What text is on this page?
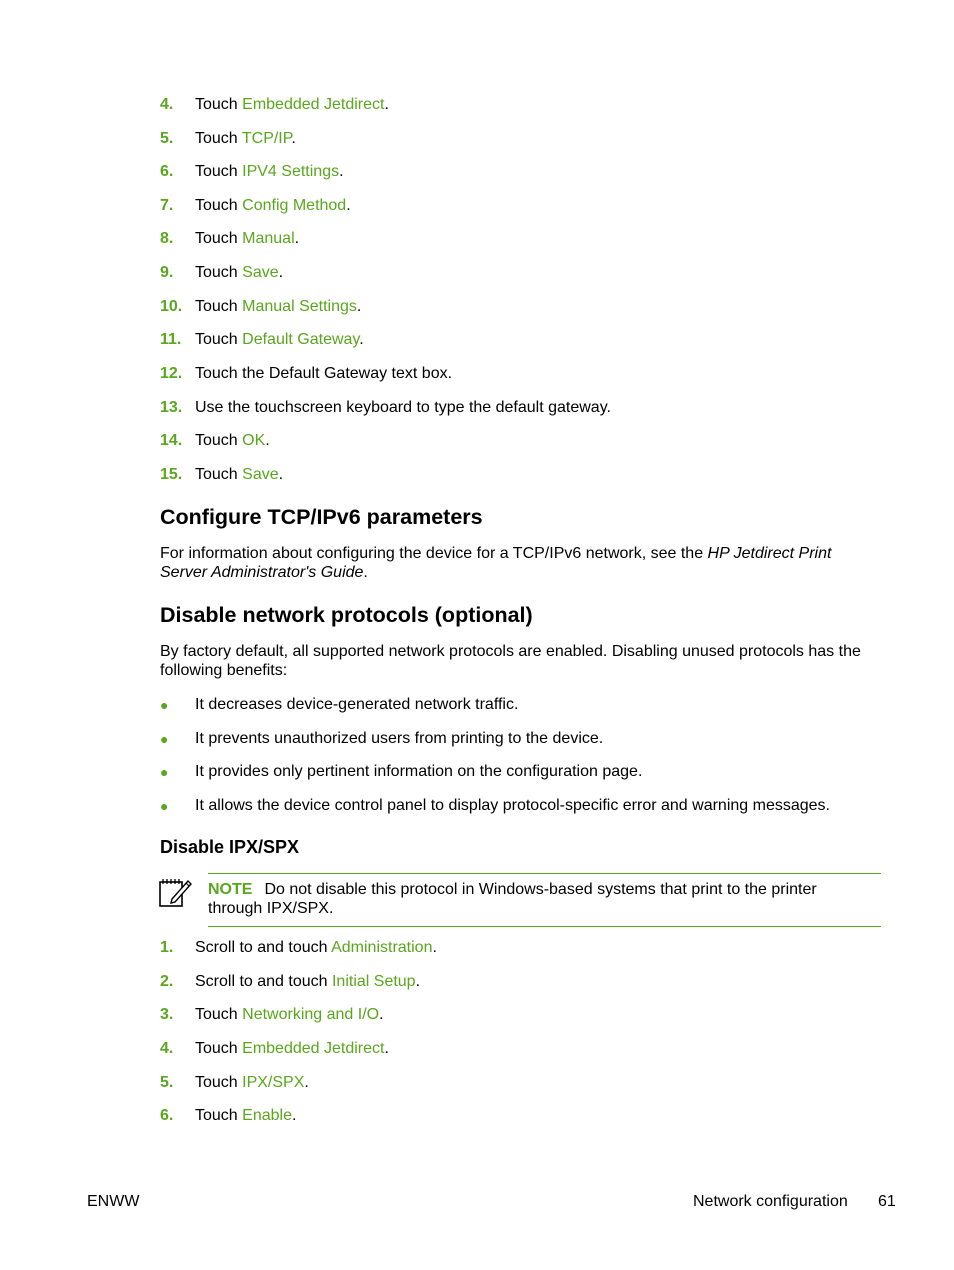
4. Touch Embedded Jetdirect.
5. Touch TCP/IP.
6. Touch IPV4 Settings.
7. Touch Config Method.
8. Touch Manual.
9. Touch Save.
10. Touch Manual Settings.
11. Touch Default Gateway.
12. Touch the Default Gateway text box.
13. Use the touchscreen keyboard to type the default gateway.
14. Touch OK.
15. Touch Save.
Configure TCP/IPv6 parameters
For information about configuring the device for a TCP/IPv6 network, see the HP Jetdirect Print Server Administrator's Guide.
Disable network protocols (optional)
By factory default, all supported network protocols are enabled. Disabling unused protocols has the following benefits:
● It decreases device-generated network traffic.
● It prevents unauthorized users from printing to the device.
● It provides only pertinent information on the configuration page.
● It allows the device control panel to display protocol-specific error and warning messages.
Disable IPX/SPX
NOTE Do not disable this protocol in Windows-based systems that print to the printer through IPX/SPX.
1. Scroll to and touch Administration.
2. Scroll to and touch Initial Setup.
3. Touch Networking and I/O.
4. Touch Embedded Jetdirect.
5. Touch IPX/SPX.
6. Touch Enable.
ENWW	Network configuration 61
